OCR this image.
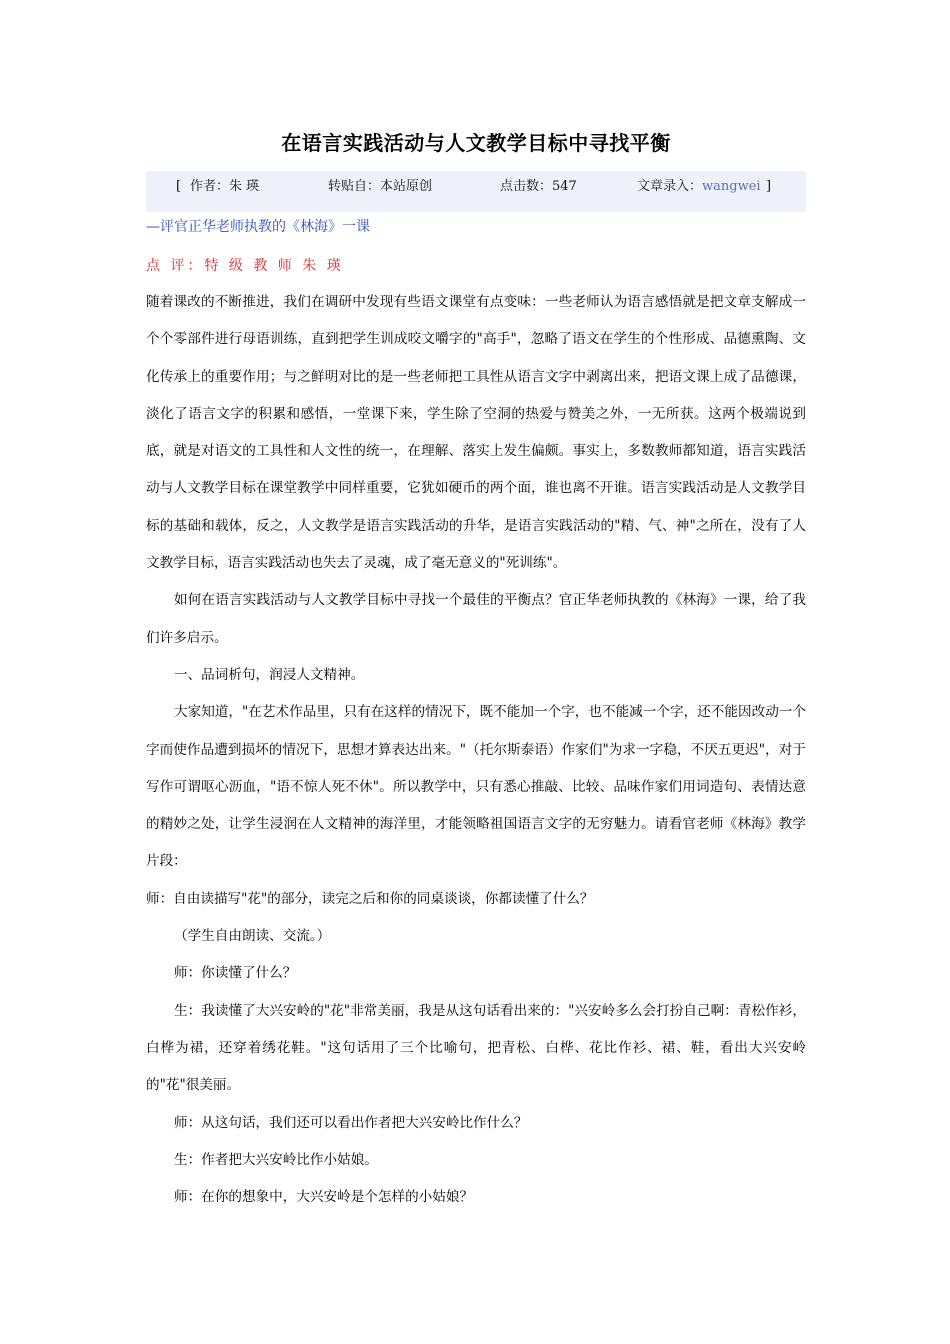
在语言实践活动与人文教学目标中寻找平衡
[ 作者：朱 瑛	转贴自：本站原创	点击数：547	文章录入：wangwei ]
—评官正华老师执教的《林海》一课
点 评：特 级 教 师 朱 瑛

随着课改的不断推进，我们在调研中发现有些语文课堂有点变味：一些老师认为语言感悟就是把文章支解成一个个零部件进行母语训练，直到把学生训成咬文嚼字的"高手"，忽略了语文在学生的个性形成、品德熏陶、文化传承上的重要作用；与之鲜明对比的是一些老师把工具性从语言文字中剥离出来，把语文课上成了品德课，淡化了语言文字的积累和感悟，一堂课下来，学生除了空洞的热爱与赞美之外，一无所获。这两个极端说到底，就是对语文的工具性和人文性的统一，在理解、落实上发生偏颇。事实上，多数教师都知道，语言实践活动与人文教学目标在课堂教学中同样重要，它犹如硬币的两个面，谁也离不开谁。语言实践活动是人文教学目标的基础和载体，反之，人文教学是语言实践活动的升华，是语言实践活动的"精、气、神"之所在，没有了人文教学目标，语言实践活动也失去了灵魂，成了毫无意义的"死训练"。

如何在语言实践活动与人文教学目标中寻找一个最佳的平衡点？官正华老师执教的《林海》一课，给了我们许多启示。

一、品词析句，润浸人文精神。

大家知道，"在艺术作品里，只有在这样的情况下，既不能加一个字，也不能减一个字，还不能因改动一个字而使作品遭到损坏的情况下，思想才算表达出来。"（托尔斯泰语）作家们"为求一字稳，不厌五更迟"，对于写作可谓呕心沥血，"语不惊人死不休"。所以教学中，只有悉心推敲、比较、品味作家们用词造句、表情达意的精妙之处，让学生浸润在人文精神的海洋里，才能领略祖国语言文字的无穷魅力。请看官老师《林海》教学片段：

师：自由读描写"花"的部分，读完之后和你的同桌谈谈，你都读懂了什么？

（学生自由朗读、交流。）

师：你读懂了什么？

生：我读懂了大兴安岭的"花"非常美丽，我是从这句话看出来的："兴安岭多么会打扮自己啊：青松作衫，白桦为裙，还穿着绣花鞋。"这句话用了三个比喻句，把青松、白桦、花比作衫、裙、鞋，看出大兴安岭的"花"很美丽。

师：从这句话，我们还可以看出作者把大兴安岭比作什么？

生：作者把大兴安岭比作小姑娘。

师：在你的想象中，大兴安岭是个怎样的小姑娘？
